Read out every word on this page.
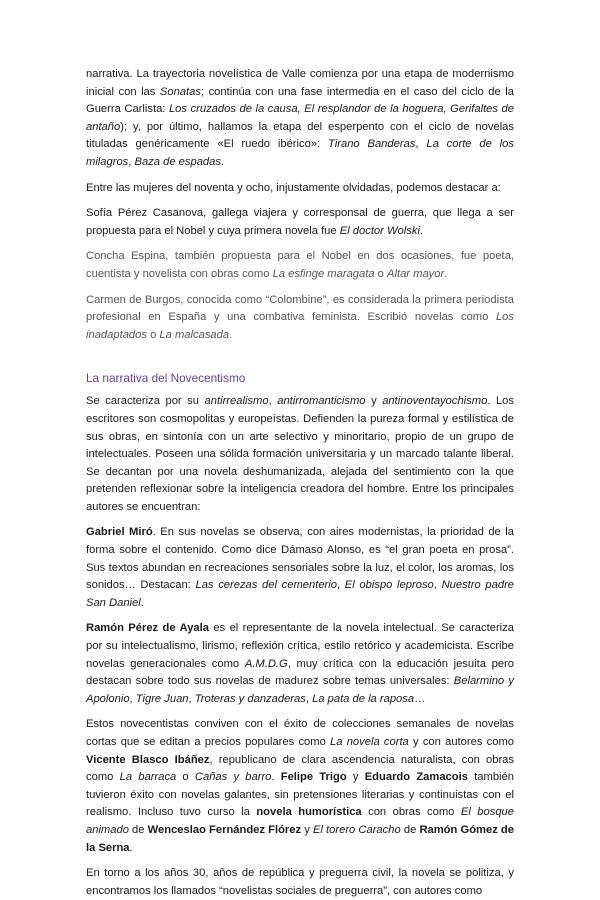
narrativa. La trayectoria novelística de Valle comienza por una etapa de modernismo inicial con las Sonatas; continúa con una fase intermedia en el caso del ciclo de la Guerra Carlista: Los cruzados de la causa, El resplandor de la hoguera, Gerifaltes de antaño); y, por último, hallamos la etapa del esperpento con el ciclo de novelas tituladas genéricamente «El ruedo ibérico»: Tirano Banderas, La corte de los milagros, Baza de espadas.

Entre las mujeres del noventa y ocho, injustamente olvidadas, podemos destacar a:

Sofía Pérez Casanova, gallega viajera y corresponsal de guerra, que llega a ser propuesta para el Nobel y cuya primera novela fue El doctor Wolski.

Concha Espina, también propuesta para el Nobel en dos ocasiones, fue poeta, cuentista y novelista con obras como La esfinge maragata o Altar mayor.

Carmen de Burgos, conocida como “Colombine”, es considerada la primera periodista profesional en España y una combativa feminista. Escribió novelas como Los inadaptados o La malcasada.

La narrativa del Novecentismo

Se caracteriza por su antirrealismo, antirromanticismo y antinoventayochismo. Los escritores son cosmopolitas y europeístas. Defienden la pureza formal y estilística de sus obras, en sintonía con un arte selectivo y minoritario, propio de un grupo de intelectuales. Poseen una sólida formación universitaria y un marcado talante liberal. Se decantan por una novela deshumanizada, alejada del sentimiento con la que pretenden reflexionar sobre la inteligencia creadora del hombre. Entre los principales autores se encuentran:

Gabriel Miró. En sus novelas se observa, con aires modernistas, la prioridad de la forma sobre el contenido. Como dice Dámaso Alonso, es “el gran poeta en prosa”. Sus textos abundan en recreaciones sensoriales sobre la luz, el color, los aromas, los sonidos… Destacan: Las cerezas del cementerio, El obispo leproso, Nuestro padre San Daniel.

Ramón Pérez de Ayala es el representante de la novela intelectual. Se caracteriza por su intelectualismo, lirismo, reflexión crítica, estilo retórico y academicista. Escribe novelas generacionales como A.M.D.G, muy crítica con la educación jesuita pero destacan sobre todo sus novelas de madurez sobre temas universales: Belarmino y Apolonio, Tigre Juan, Troteras y danzaderas, La pata de la raposa…

Estos novecentistas conviven con el éxito de colecciones semanales de novelas cortas que se editan a precios populares como La novela corta y con autores como Vicente Blasco Ibáñez, republicano de clara ascendencia naturalista, con obras como La barraca o Cañas y barro. Felipe Trigo y Eduardo Zamacois también tuvieron éxito con novelas galantes, sin pretensiones literarias y continuistas con el realismo. Incluso tuvo curso la novela humorística con obras como El bosque animado de Wenceslao Fernández Flórez y El torero Caracho de Ramón Gómez de la Serna.

En torno a los años 30, años de república y preguerra civil, la novela se politiza, y encontramos los llamados “novelistas sociales de preguerra”, con autores como
